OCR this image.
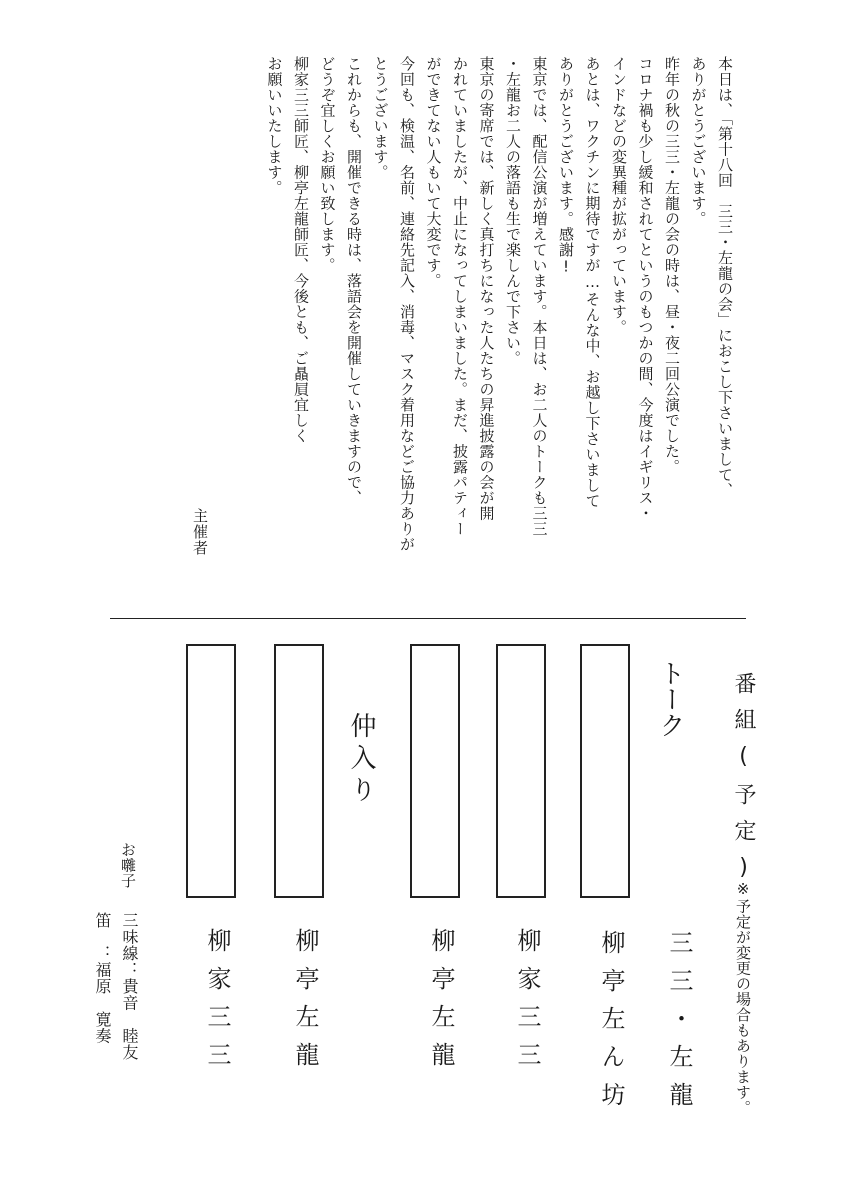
本日は、「第十八回　三三・左龍の会」におこし下さいまして、

ありがとうございます。

昨年の秋の三三・左龍の会の時は、昼・夜二回公演でした。

コロナ禍も少し緩和されてというのもつかの間、今度はイギリス・

インドなどの変異種が拡がっています。

あとは、ワクチンに期待ですが…そんな中、お越し下さいまして

ありがとうございます。感謝!

東京では、配信公演が増えています。本日は、お二人のトークも三三

・左龍お二人の落語も生で楽しんで下さい。

東京の寄席では、新しく真打ちになった人たちの昇進披露の会が開

かれていましたが、中止になってしまいました。まだ、披露パティー

ができてない人もいて大変です。

今回も、検温、名前、連絡先記入、消毒、マスク着用などご協力ありが

とうございます。

これからも、開催できる時は、落語会を開催していきますので、

どうぞ宜しくお願い致します。

柳家三三師匠、柳亭左龍師匠、今後とも、ご贔屓宜しく

お願いいたします。

主催者
番組(予定)
※予定が変更の場合もあります。
トーク
三三・左龍
柳亭左ん坊
柳家三三
柳亭左龍
仲入り
柳亭左龍
柳家三三
お囃子
三味線：貴音　睦友
笛　：福原　寛奏
